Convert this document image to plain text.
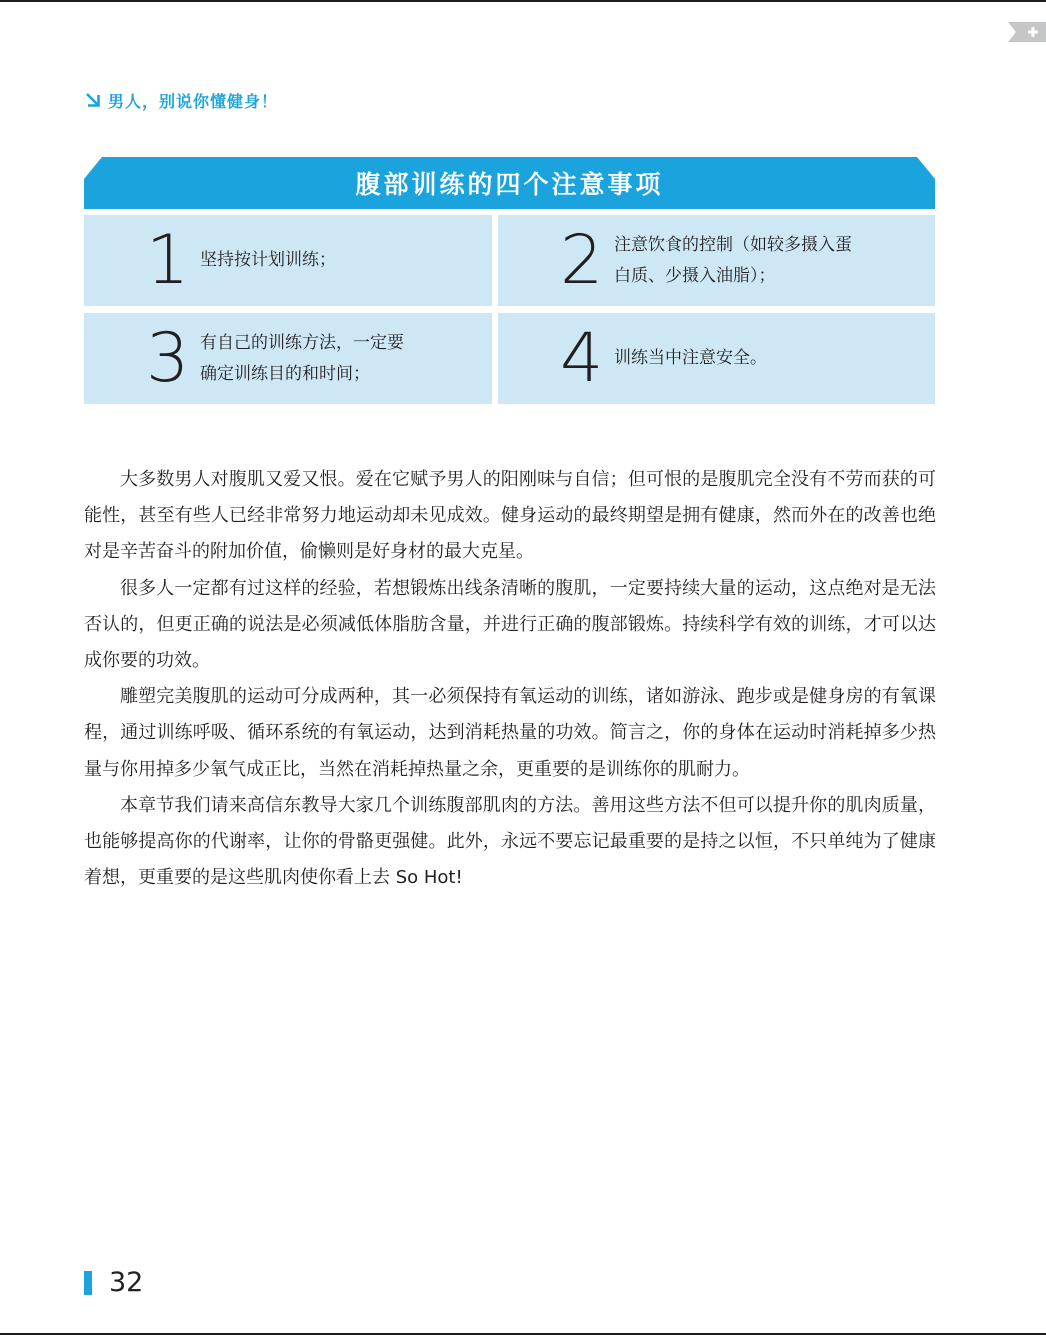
男人，别说你懂健身！
腹部训练的四个注意事项
1 坚持按计划训练；	2 注意饮食的控制（如较多摄入蛋白质、少摄入油脂）；
3 有自己的训练方法，一定要确定训练目的和时间；	4 训练当中注意安全。

大多数男人对腹肌又爱又恨。爱在它赋予男人的阳刚味与自信；但可恨的是腹肌完全没有不劳而获的可能性，甚至有些人已经非常努力地运动却未见成效。健身运动的最终期望是拥有健康，然而外在的改善也绝对是辛苦奋斗的附加价值，偷懒则是好身材的最大克星。

很多人一定都有过这样的经验，若想锻炼出线条清晰的腹肌，一定要持续大量的运动，这点绝对是无法否认的，但更正确的说法是必须减低体脂肪含量，并进行正确的腹部锻炼。持续科学有效的训练，才可以达成你要的功效。

雕塑完美腹肌的运动可分成两种，其一必须保持有氧运动的训练，诸如游泳、跑步或是健身房的有氧课程，通过训练呼吸、循环系统的有氧运动，达到消耗热量的功效。简言之，你的身体在运动时消耗掉多少热量与你用掉多少氧气成正比，当然在消耗掉热量之余，更重要的是训练你的肌耐力。

本章节我们请来高信东教导大家几个训练腹部肌肉的方法。善用这些方法不但可以提升你的肌肉质量，也能够提高你的代谢率，让你的骨骼更强健。此外，永远不要忘记最重要的是持之以恒，不只单纯为了健康着想，更重要的是这些肌肉使你看上去 So Hot!

32
